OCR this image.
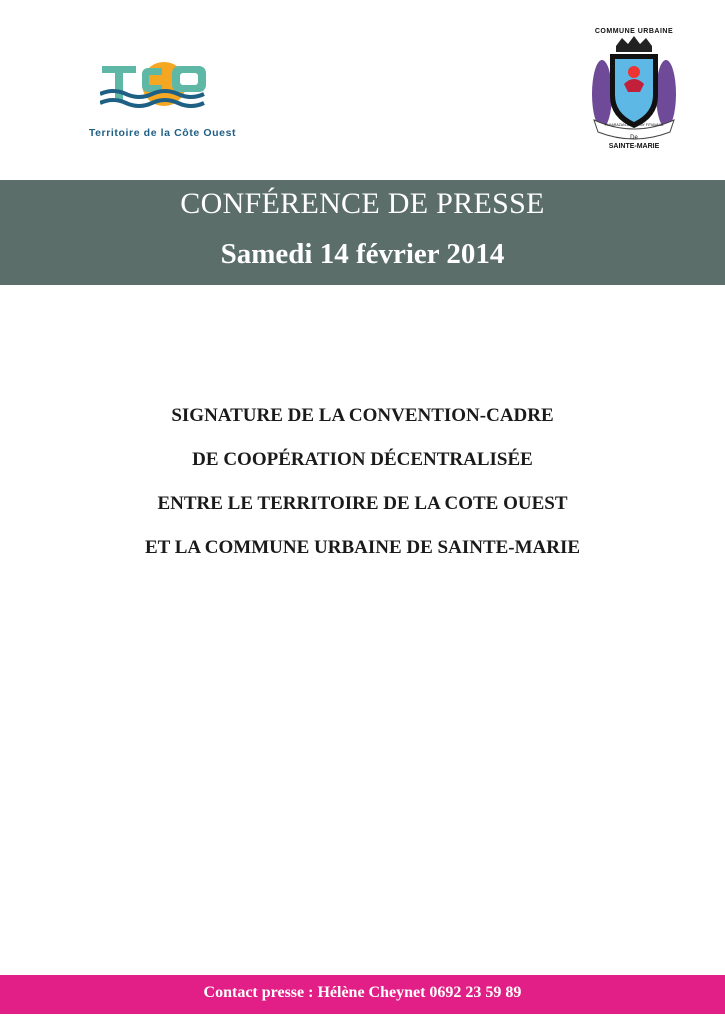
Territoire de la Côte Ouest
COMMUNE URBAINE
FAHARAZAN-DRENY NY FITIAVANA
De
SAINTE-MARIE
CONFÉRENCE DE PRESSE
Samedi 14 février 2014
SIGNATURE DE LA CONVENTION-CADRE
DE COOPÉRATION DÉCENTRALISÉE
ENTRE LE TERRITOIRE DE LA COTE OUEST
ET LA COMMUNE URBAINE DE SAINTE-MARIE
Contact presse : Hélène Cheynet 0692 23 59 89
